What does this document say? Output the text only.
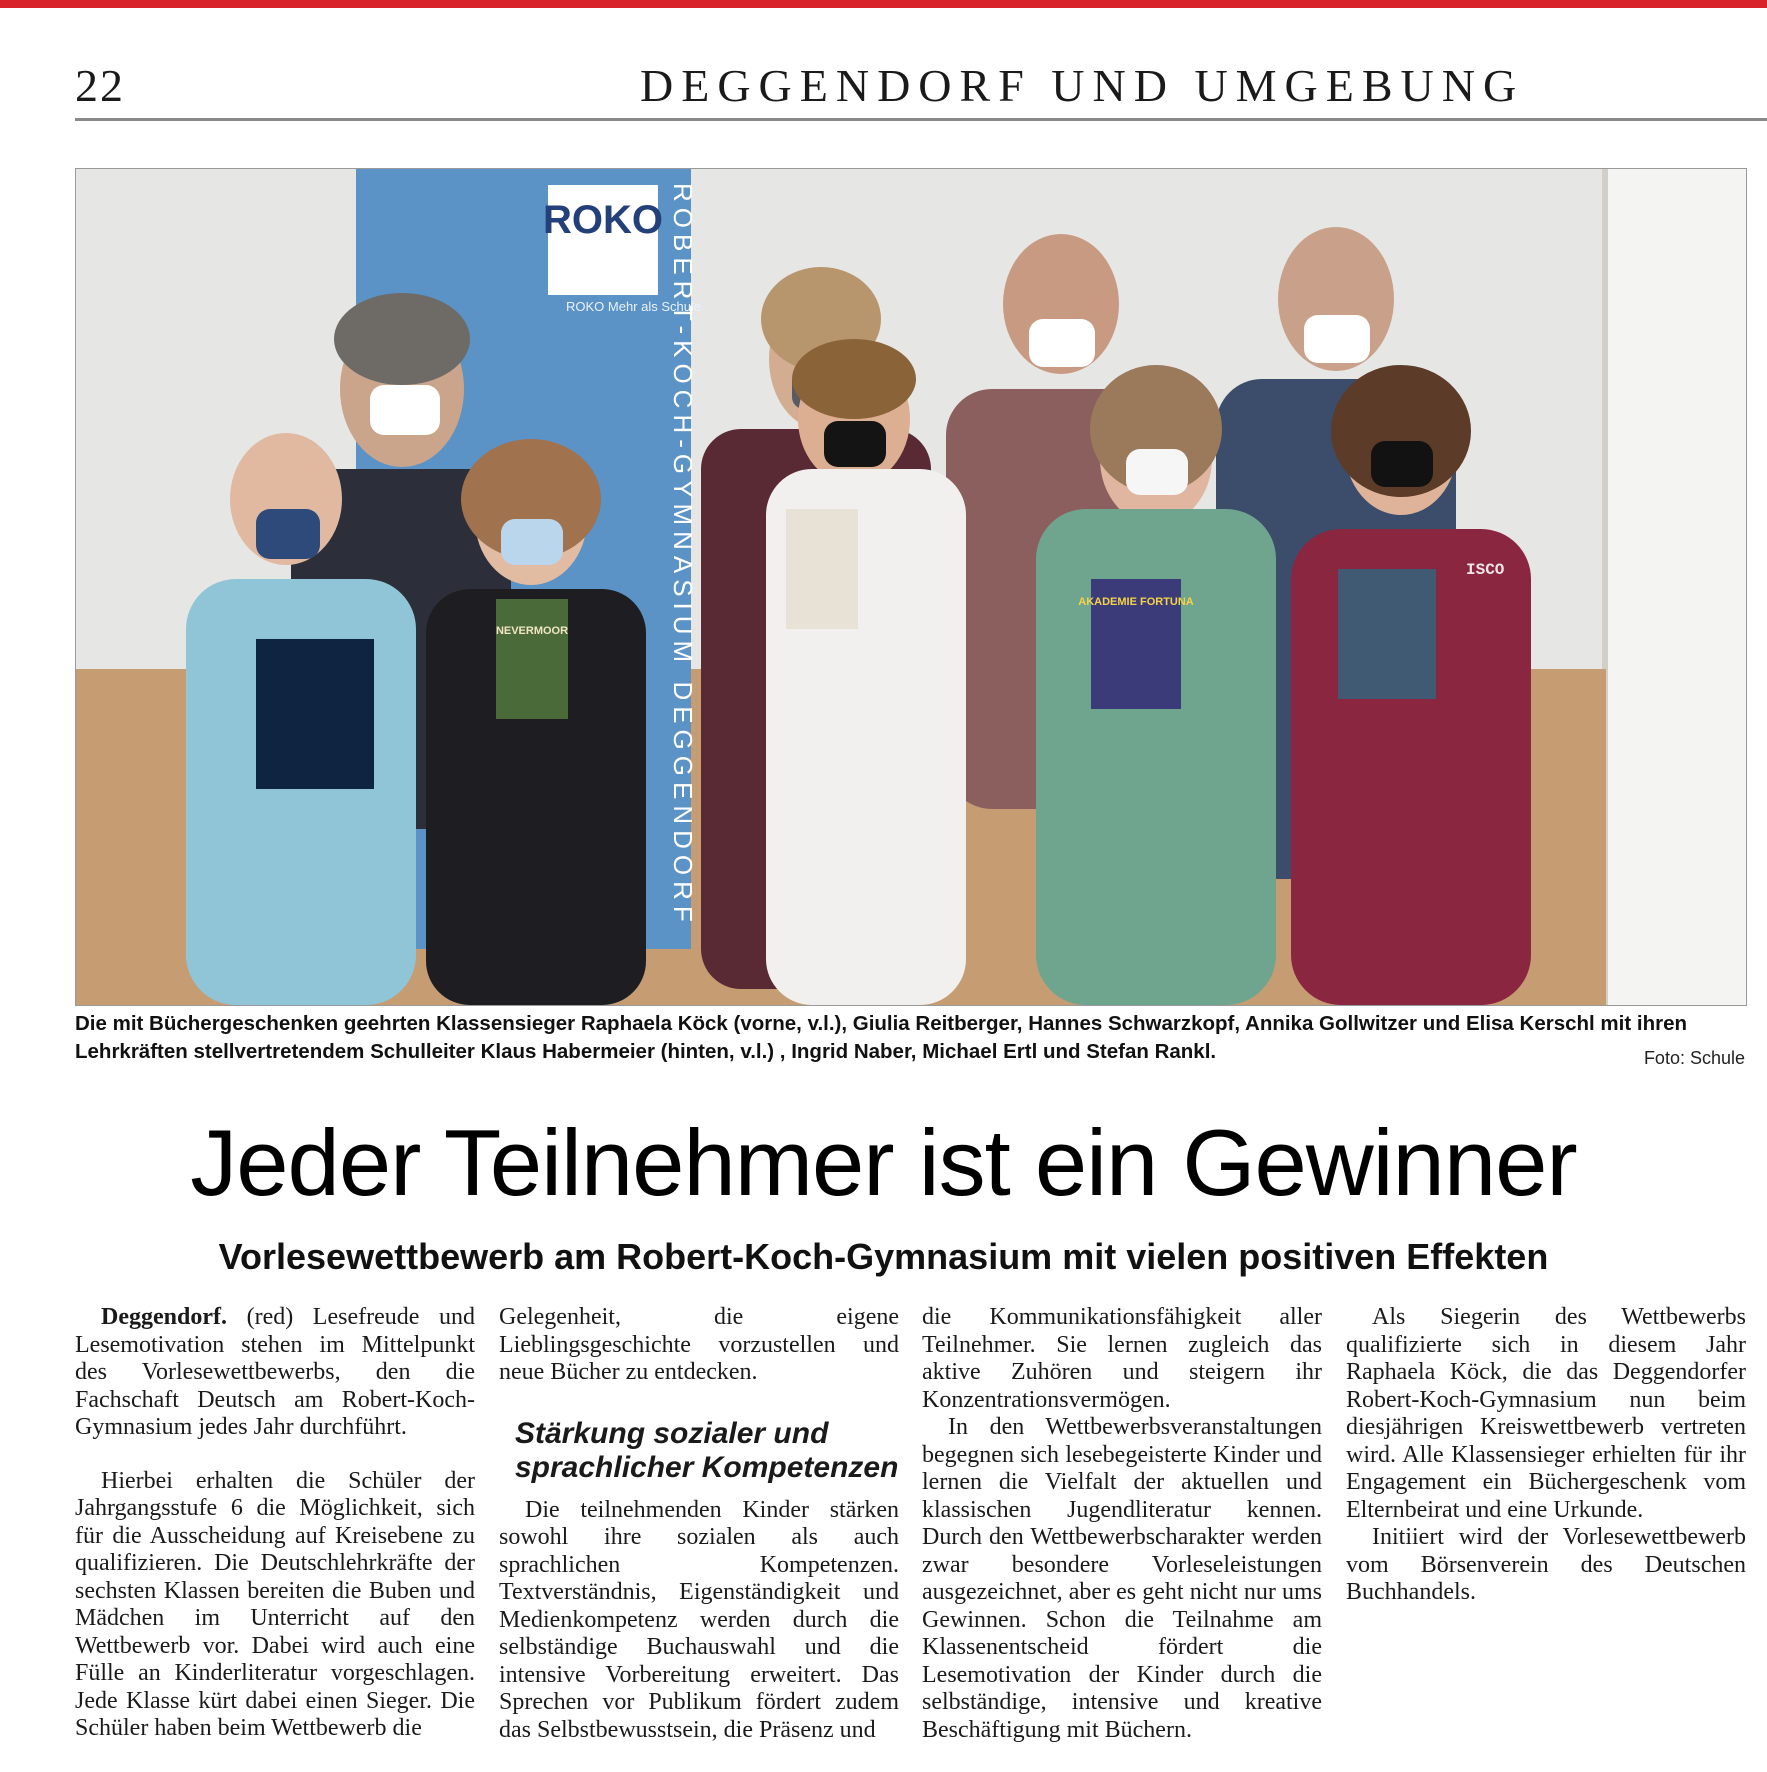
22	DEGGENDORF UND UMGEBUNG
ROKO
ROKO Mehr als Schule
ROBERT-KOCH-GYMNASIUM DEGGENDORF
NEVERMOOR
AKADEMIE FORTUNA
ISCO
Die mit Büchergeschenken geehrten Klassensieger Raphaela Köck (vorne, v.l.), Giulia Reitberger, Hannes Schwarzkopf, Annika Gollwitzer und Elisa Kerschl mit ihren Lehrkräften stellvertretendem Schulleiter Klaus Habermeier (hinten, v.l.) , Ingrid Naber, Michael Ertl und Stefan Rankl.	Foto: Schule
Jeder Teilnehmer ist ein Gewinner
Vorlesewettbewerb am Robert-Koch-Gymnasium mit vielen positiven Effekten

Deggendorf. (red) Lesefreude und Lesemotivation stehen im Mittelpunkt des Vorlesewettbewerbs, den die Fachschaft Deutsch am Robert-Koch-Gymnasium jedes Jahr durchführt.

Hierbei erhalten die Schüler der Jahrgangsstufe 6 die Möglichkeit, sich für die Ausscheidung auf Kreisebene zu qualifizieren. Die Deutschlehrkräfte der sechsten Klassen bereiten die Buben und Mädchen im Unterricht auf den Wettbewerb vor. Dabei wird auch eine Fülle an Kinderliteratur vorgeschlagen. Jede Klasse kürt dabei einen Sieger. Die Schüler haben beim Wettbewerb die

Gelegenheit, die eigene Lieblingsgeschichte vorzustellen und neue Bücher zu entdecken.

Stärkung sozialer und sprachlicher Kompetenzen

Die teilnehmenden Kinder stärken sowohl ihre sozialen als auch sprachlichen Kompetenzen. Textverständnis, Eigenständigkeit und Medienkompetenz werden durch die selbständige Buchauswahl und die intensive Vorbereitung erweitert. Das Sprechen vor Publikum fördert zudem das Selbstbewusstsein, die Präsenz und

die Kommunikationsfähigkeit aller Teilnehmer. Sie lernen zugleich das aktive Zuhören und steigern ihr Konzentrationsvermögen.

In den Wettbewerbsveranstaltungen begegnen sich lesebegeisterte Kinder und lernen die Vielfalt der aktuellen und klassischen Jugendliteratur kennen. Durch den Wettbewerbscharakter werden zwar besondere Vorleseleistungen ausgezeichnet, aber es geht nicht nur ums Gewinnen. Schon die Teilnahme am Klassenentscheid fördert die Lesemotivation der Kinder durch die selbständige, intensive und kreative Beschäftigung mit Büchern.

Als Siegerin des Wettbewerbs qualifizierte sich in diesem Jahr Raphaela Köck, die das Deggendorfer Robert-Koch-Gymnasium nun beim diesjährigen Kreiswettbewerb vertreten wird. Alle Klassensieger erhielten für ihr Engagement ein Büchergeschenk vom Elternbeirat und eine Urkunde.

Initiiert wird der Vorlesewettbewerb vom Börsenverein des Deutschen Buchhandels.
